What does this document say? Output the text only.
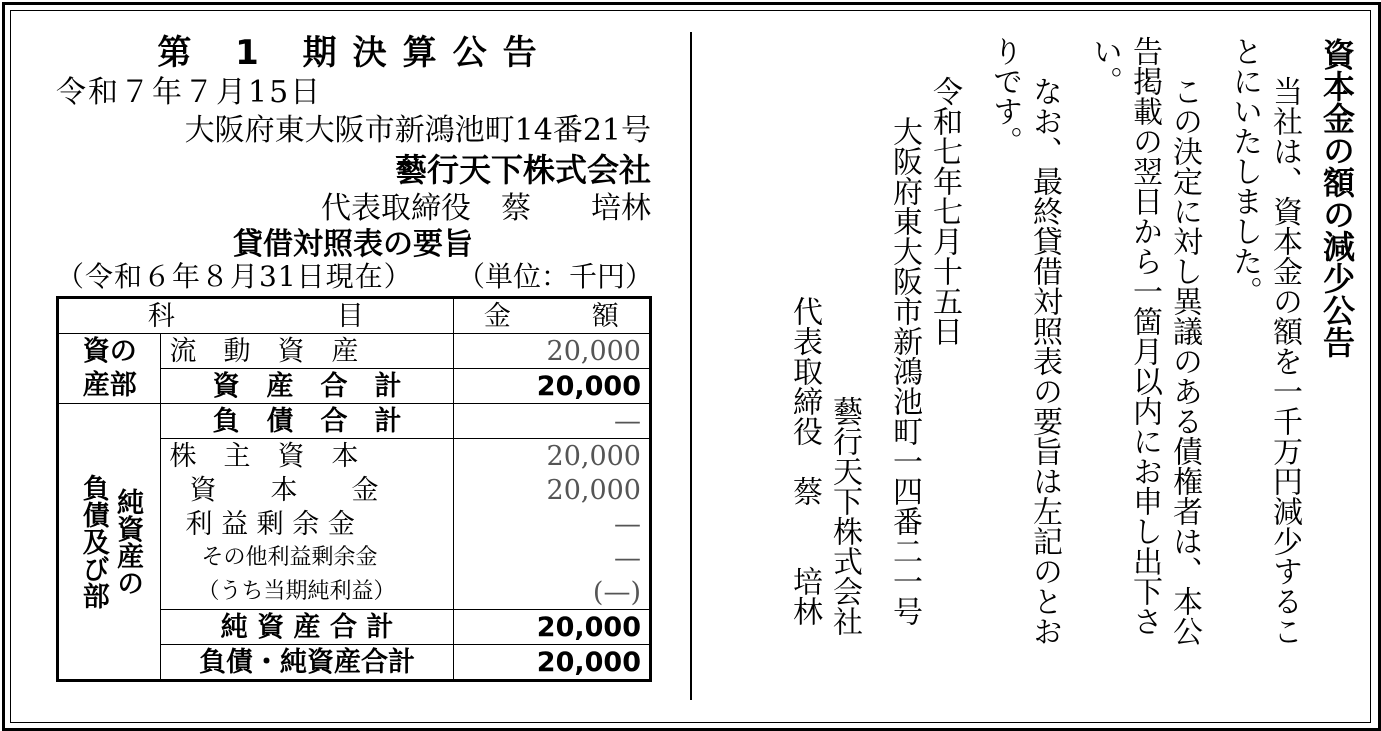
第 1 期決算公告
令和７年７月15日
大阪府東大阪市新鴻池町14番21号
藝行天下株式会社
代表取締役　蔡　　培林
貸借対照表の要旨
（令和６年８月31日現在） （単位：千円）
科　　　　　　目		金　　　額
資の
産部	流　動　資　産	20,000
	資　産　合　計	20,000

純資産の
負債及び部	負　債　合　計	—
	株　主　資　本	20,000
	資　　本　　金	20,000
	利 益 剰 余 金	—
	その他利益剰余金	—
	（うち当期純利益）	(—)
	純 資 産 合 計	20,000
	負債・純資産合計	20,000
資本金の額の減少公告
当社は、資本金の額を一千万円減少するこ
とにいたしました。
この決定に対し異議のある債権者は、本公
告掲載の翌日から一箇月以内にお申し出下さ
い。
なお、最終貸借対照表の要旨は左記のとお
りです。
令和七年七月十五日
大阪府東大阪市新鴻池町一四番二一号
藝行天下株式会社
代表取締役　蔡　　培林
